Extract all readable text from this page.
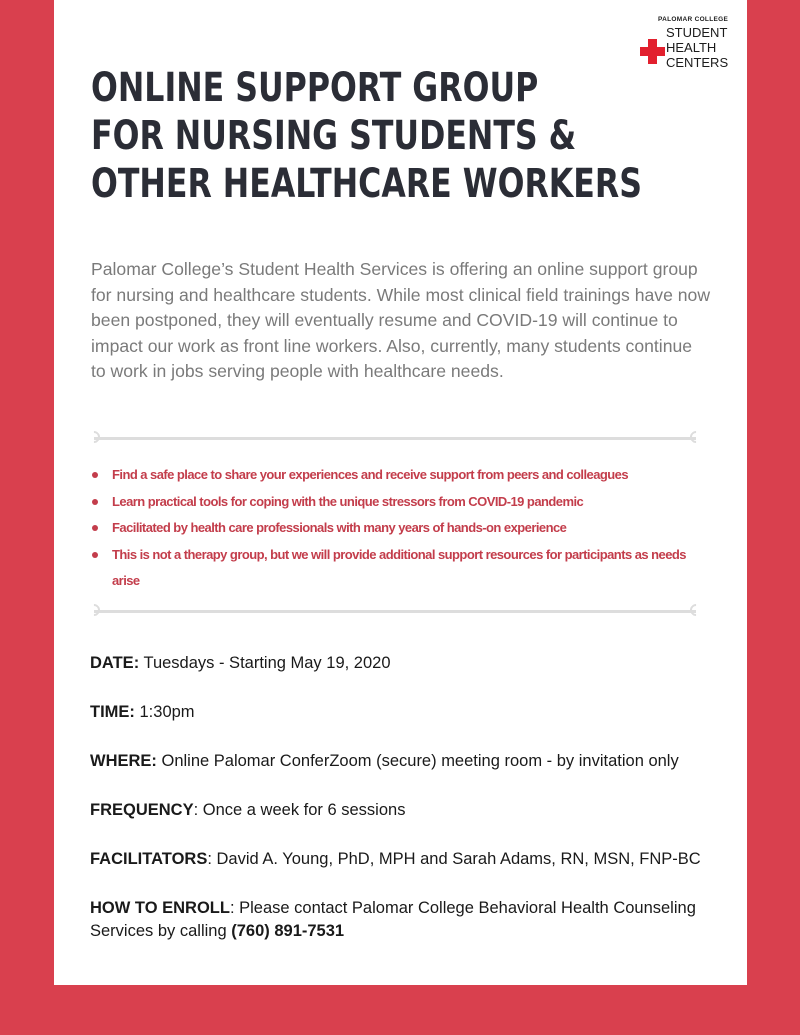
PALOMAR COLLEGE
STUDENT
HEALTH
CENTERS
ONLINE SUPPORT GROUP
FOR NURSING STUDENTS &
OTHER HEALTHCARE WORKERS

Palomar College’s Student Health Services is offering an online support group for nursing and healthcare students. While most clinical field trainings have now been postponed, they will eventually resume and COVID-19 will continue to impact our work as front line workers. Also, currently, many students continue to work in jobs serving people with healthcare needs.

Find a safe place to share your experiences and receive support from peers and colleagues
Learn practical tools for coping with the unique stressors from COVID-19 pandemic
Facilitated by health care professionals with many years of hands-on experience
This is not a therapy group, but we will provide additional support resources for participants as needs arise

DATE: Tuesdays - Starting May 19, 2020

TIME: 1:30pm

WHERE: Online Palomar ConferZoom (secure) meeting room - by invitation only

FREQUENCY: Once a week for 6 sessions

FACILITATORS: David A. Young, PhD, MPH and Sarah Adams, RN, MSN, FNP-BC

HOW TO ENROLL: Please contact Palomar College Behavioral Health Counseling Services by calling (760) 891-7531
